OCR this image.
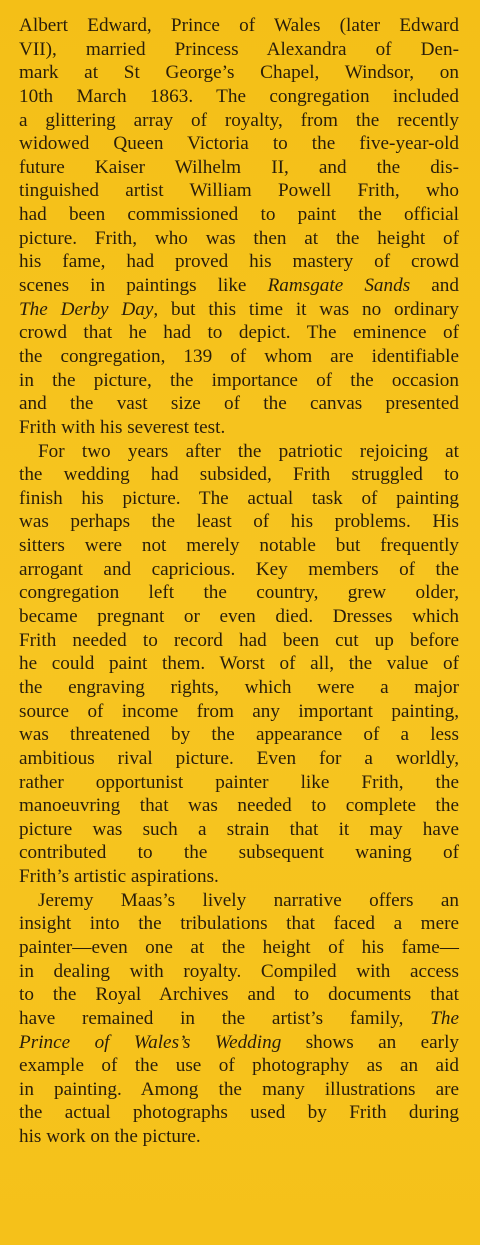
Albert Edward, Prince of Wales (later Edward
VII), married Princess Alexandra of Den-
mark at St George’s Chapel, Windsor, on
10th March 1863. The congregation included
a glittering array of royalty, from the recently
widowed Queen Victoria to the five-year-old
future Kaiser Wilhelm II, and the dis-
tinguished artist William Powell Frith, who
had been commissioned to paint the official
picture. Frith, who was then at the height of
his fame, had proved his mastery of crowd
scenes in paintings like Ramsgate Sands and
The Derby Day, but this time it was no ordinary
crowd that he had to depict. The eminence of
the congregation, 139 of whom are identifiable
in the picture, the importance of the occasion
and the vast size of the canvas presented
Frith with his severest test.
For two years after the patriotic rejoicing at
the wedding had subsided, Frith struggled to
finish his picture. The actual task of painting
was perhaps the least of his problems. His
sitters were not merely notable but frequently
arrogant and capricious. Key members of the
congregation left the country, grew older,
became pregnant or even died. Dresses which
Frith needed to record had been cut up before
he could paint them. Worst of all, the value of
the engraving rights, which were a major
source of income from any important painting,
was threatened by the appearance of a less
ambitious rival picture. Even for a worldly,
rather opportunist painter like Frith, the
manoeuvring that was needed to complete the
picture was such a strain that it may have
contributed to the subsequent waning of
Frith’s artistic aspirations.
Jeremy Maas’s lively narrative offers an
insight into the tribulations that faced a mere
painter—even one at the height of his fame—
in dealing with royalty. Compiled with access
to the Royal Archives and to documents that
have remained in the artist’s family, The
Prince of Wales’s Wedding shows an early
example of the use of photography as an aid
in painting. Among the many illustrations are
the actual photographs used by Frith during
his work on the picture.
